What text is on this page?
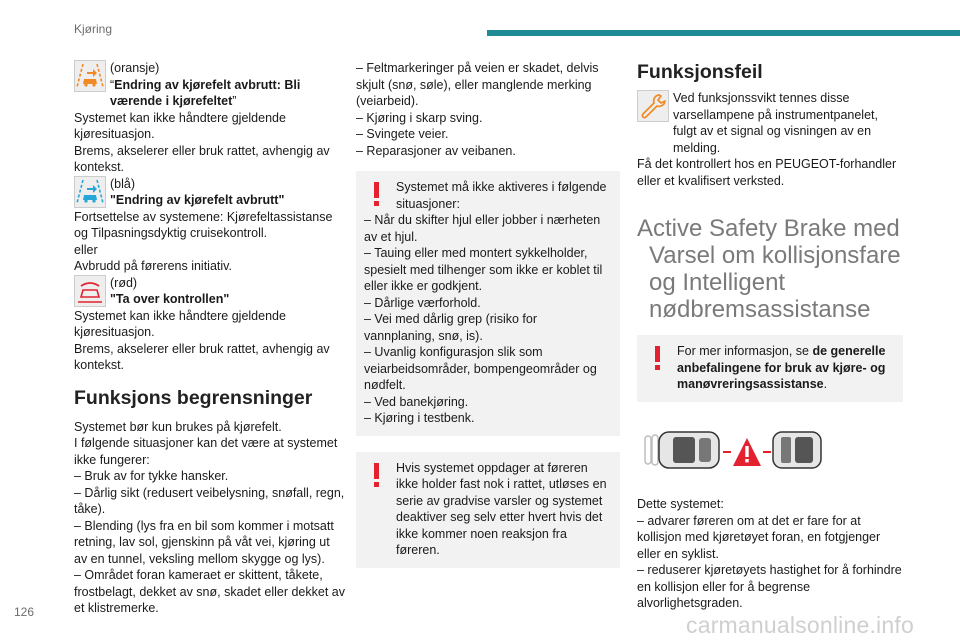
Kjøring

(oransje)

“Endring av kjørefelt avbrutt: Bli værende i kjørefeltet”

Systemet kan ikke håndtere gjeldende kjøresituasjon.

Brems, akselerer eller bruk rattet, avhengig av kontekst.

(blå)

"Endring av kjørefelt avbrutt"

Fortsettelse av systemene: Kjørefeltassistanse og Tilpasningsdyktig cruisekontroll.

eller

Avbrudd på førerens initiativ.

(rød)

"Ta over kontrollen"

Systemet kan ikke håndtere gjeldende kjøresituasjon.

Brems, akselerer eller bruk rattet, avhengig av kontekst.

Funksjons begrensninger

Systemet bør kun brukes på kjørefelt.

I følgende situasjoner kan det være at systemet ikke fungerer:

– Bruk av for tykke hansker.

– Dårlig sikt (redusert veibelysning, snøfall, regn, tåke).

– Blending (lys fra en bil som kommer i motsatt retning, lav sol, gjenskinn på våt vei, kjøring ut av en tunnel, veksling mellom skygge og lys).

– Området foran kameraet er skittent, tåkete, frostbelagt, dekket av snø, skadet eller dekket av et klistremerke.

– Feltmarkeringer på veien er skadet, delvis skjult (snø, søle), eller manglende merking (veiarbeid).

– Kjøring i skarp sving.

– Svingete veier.

– Reparasjoner av veibanen.

Systemet må ikke aktiveres i følgende situasjoner:

– Når du skifter hjul eller jobber i nærheten av et hjul.

– Tauing eller med montert sykkelholder, spesielt med tilhenger som ikke er koblet til eller ikke er godkjent.

– Dårlige værforhold.

– Vei med dårlig grep (risiko for vannplaning, snø, is).

– Uvanlig konfigurasjon slik som veiarbeidsområder, bompengeområder og nødfelt.

– Ved banekjøring.

– Kjøring i testbenk.

Hvis systemet oppdager at føreren ikke holder fast nok i rattet, utløses en serie av gradvise varsler og systemet deaktiver seg selv etter hvert hvis det ikke kommer noen reaksjon fra føreren.

Funksjonsfeil

Ved funksjonssvikt tennes disse varsellampene på instrumentpanelet, fulgt av et signal og visningen av en melding.

Få det kontrollert hos en PEUGEOT-forhandler eller et kvalifisert verksted.

Active Safety Brake med
Varsel om kollisjonsfare
og Intelligent
nødbremsassistanse

For mer informasjon, se de generelle anbefalingene for bruk av kjøre- og manøvreringsassistanse.

Dette systemet:

– advarer føreren om at det er fare for at kollisjon med kjøretøyet foran, en fotgjenger eller en syklist.

– reduserer kjøretøyets hastighet for å forhindre en kollisjon eller for å begrense alvorlighetsgraden.

126	carmanualsonline.info
